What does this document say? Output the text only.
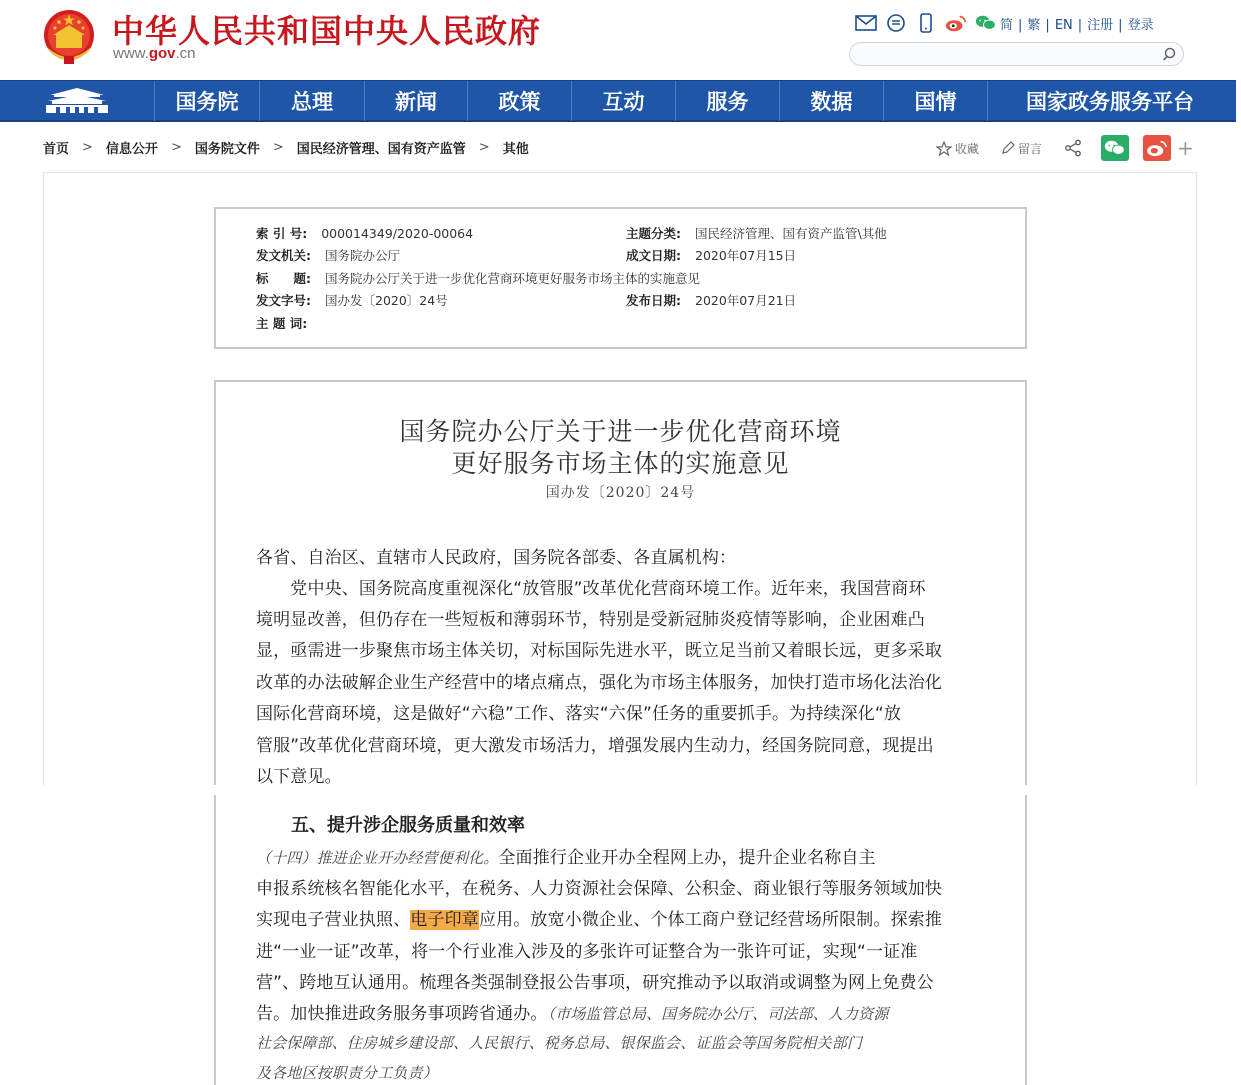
中华人民共和国中央人民政府
www.gov.cn
简 | 繁 | EN | 注册 | 登录
国务院	总理	新闻	政策	互动	服务	数据	国情	国家政务服务平台
首页 > 信息公开 > 国务院文件 > 国民经济管理、国有资产监管 > 其他	收藏	留言	+
索 引 号: 000014349/2020-00064	主题分类: 国民经济管理、国有资产监管\其他
发文机关: 国务院办公厅	成文日期: 2020年07月15日
标　　题: 国务院办公厅关于进一步优化营商环境更好服务市场主体的实施意见
发文字号: 国办发〔2020〕24号	发布日期: 2020年07月21日
主 题 词:
国务院办公厅关于进一步优化营商环境
更好服务市场主体的实施意见
国办发〔2020〕24号
各省、自治区、直辖市人民政府，国务院各部委、各直属机构：
　　党中央、国务院高度重视深化“放管服”改革优化营商环境工作。近年来，我国营商环
境明显改善，但仍存在一些短板和薄弱环节，特别是受新冠肺炎疫情等影响，企业困难凸
显，亟需进一步聚焦市场主体关切，对标国际先进水平，既立足当前又着眼长远，更多采取
改革的办法破解企业生产经营中的堵点痛点，强化为市场主体服务，加快打造市场化法治化
国际化营商环境，这是做好“六稳”工作、落实“六保”任务的重要抓手。为持续深化“放
管服”改革优化营商环境，更大激发市场活力，增强发展内生动力，经国务院同意，现提出
以下意见。
五、提升涉企服务质量和效率
（十四）推进企业开办经营便利化。全面推行企业开办全程网上办，提升企业名称自主
申报系统核名智能化水平，在税务、人力资源社会保障、公积金、商业银行等服务领域加快
实现电子营业执照、电子印章应用。放宽小微企业、个体工商户登记经营场所限制。探索推
进“一业一证”改革，将一个行业准入涉及的多张许可证整合为一张许可证，实现“一证准
营”、跨地互认通用。梳理各类强制登报公告事项，研究推动予以取消或调整为网上免费公
告。加快推进政务服务事项跨省通办。（市场监管总局、国务院办公厅、司法部、人力资源
社会保障部、住房城乡建设部、人民银行、税务总局、银保监会、证监会等国务院相关部门
及各地区按职责分工负责）
